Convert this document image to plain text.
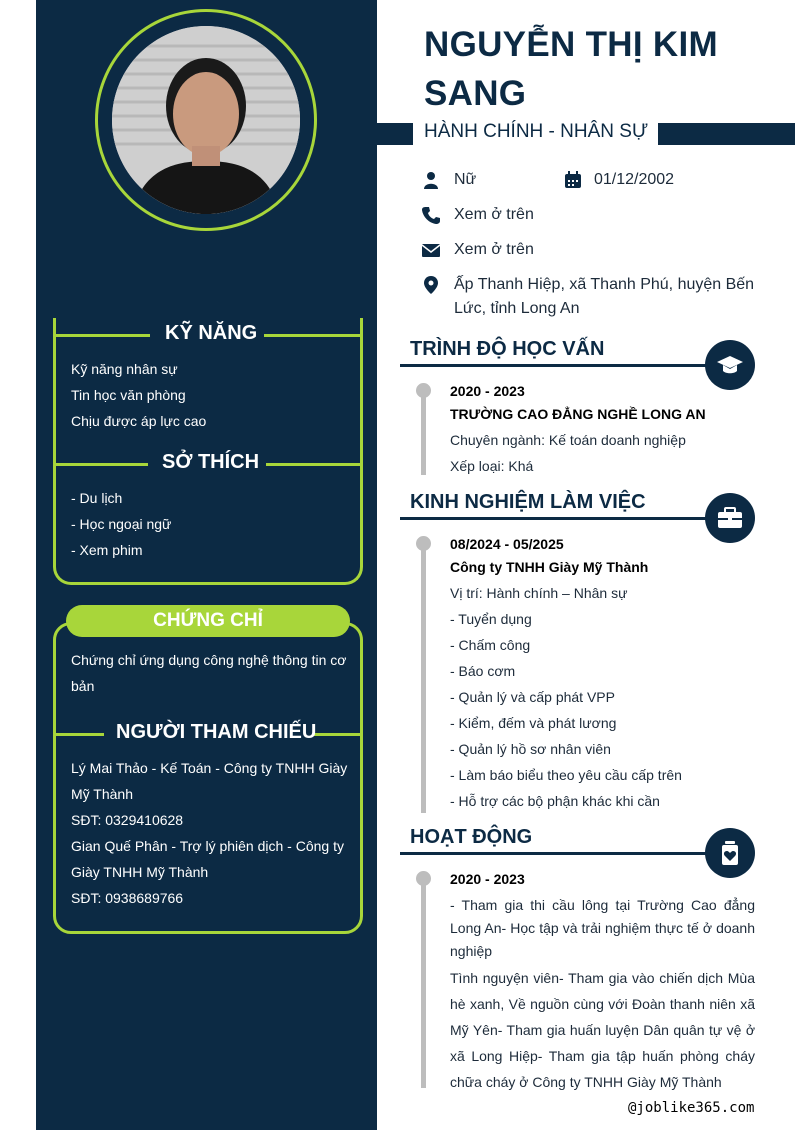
KỸ NĂNG
Kỹ năng nhân sự
Tin học văn phòng
Chịu được áp lực cao
SỞ THÍCH
- Du lịch
- Học ngoại ngữ
- Xem phim
CHỨNG CHỈ
Chứng chỉ ứng dụng công nghệ thông tin cơ
bản
NGƯỜI THAM CHIẾU
Lý Mai Thảo - Kế Toán - Công ty TNHH Giày
Mỹ Thành
SĐT: 0329410628
Gian Quế Phân - Trợ lý phiên dịch - Công ty
Giày TNHH Mỹ Thành
SĐT: 0938689766
NGUYỄN THỊ KIM
SANG
HÀNH CHÍNH - NHÂN SỰ
Nữ	01/12/2002
Xem ở trên
Xem ở trên
Ấp Thanh Hiệp, xã Thanh Phú, huyện Bến
Lức, tỉnh Long An
TRÌNH ĐỘ HỌC VẤN
2020 - 2023
TRƯỜNG CAO ĐẲNG NGHỀ LONG AN
Chuyên ngành: Kế toán doanh nghiệp
Xếp loại: Khá
KINH NGHIỆM LÀM VIỆC
08/2024 - 05/2025
Công ty TNHH Giày Mỹ Thành
Vị trí: Hành chính – Nhân sự
- Tuyển dụng
- Chấm công
- Báo cơm
- Quản lý và cấp phát VPP
- Kiểm, đếm và phát lương
- Quản lý hồ sơ nhân viên
- Làm báo biểu theo yêu cầu cấp trên
- Hỗ trợ các bộ phận khác khi cần
HOẠT ĐỘNG
2020 - 2023
- Tham gia thi cầu lông tại Trường Cao đẳng Long An- Học tập và trải nghiệm thực tế ở doanh nghiệp
Tình nguyện viên- Tham gia vào chiến dịch Mùa hè xanh, Về nguồn cùng với Đoàn thanh niên xã Mỹ Yên- Tham gia huấn luyện Dân quân tự vệ ở xã Long Hiệp- Tham gia tập huấn phòng cháy chữa cháy ở Công ty TNHH Giày Mỹ Thành
@joblike365.com
